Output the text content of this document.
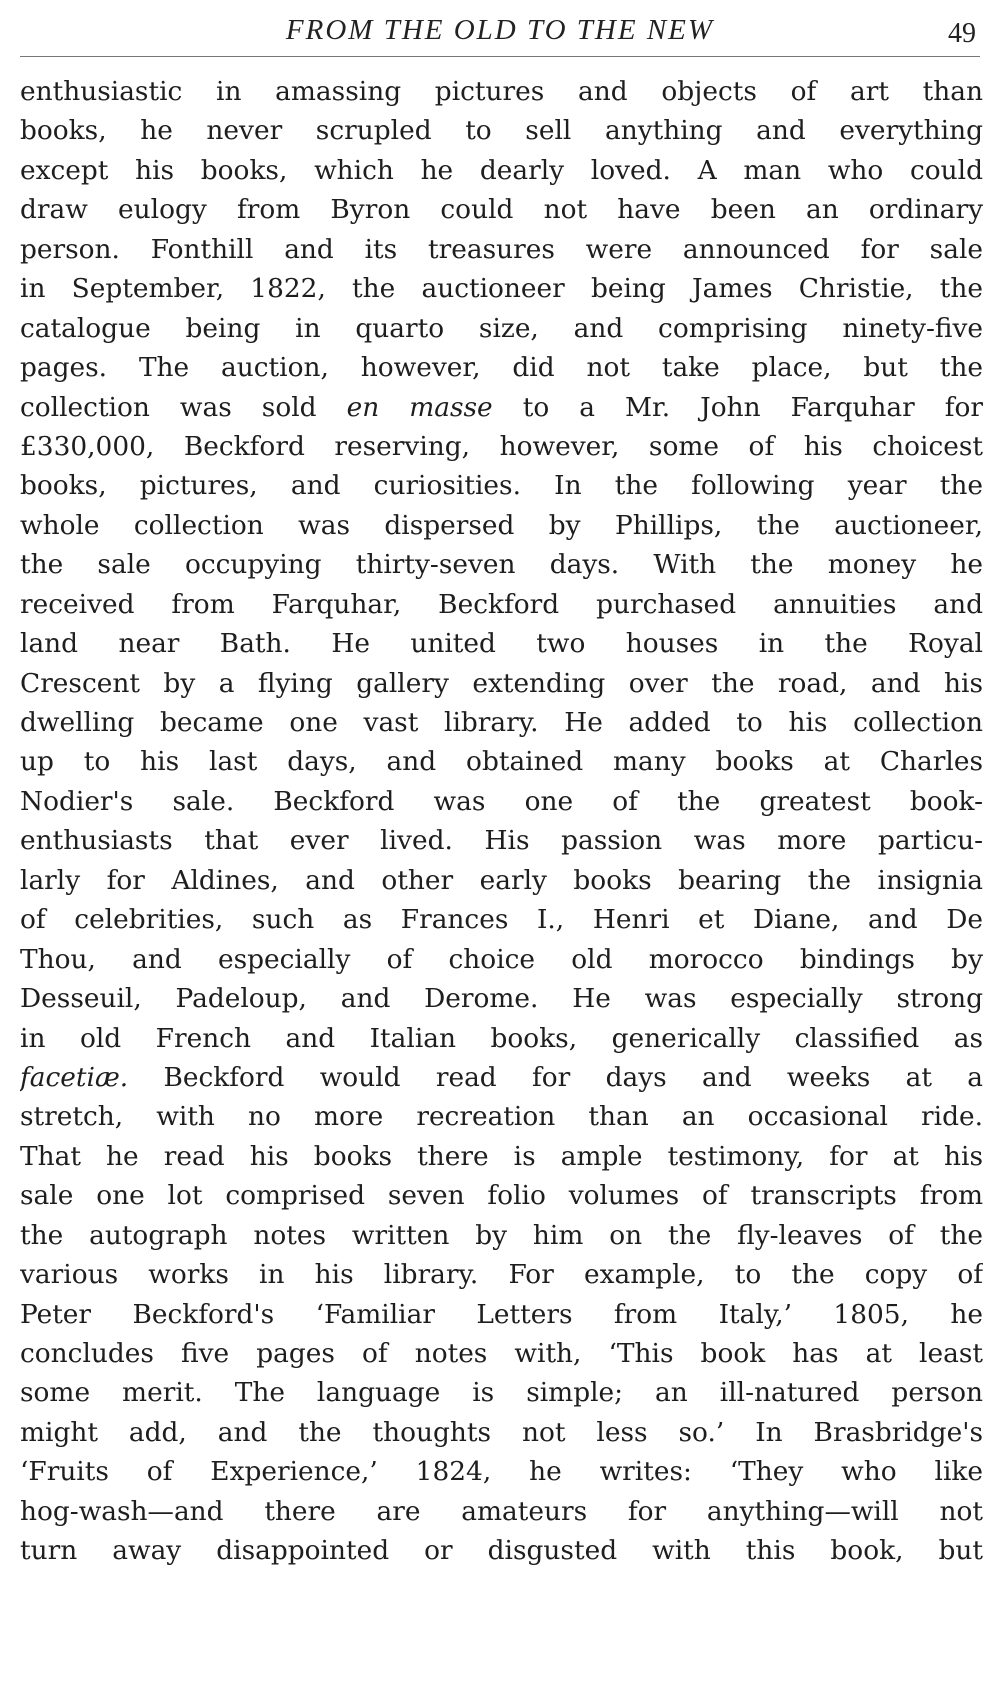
FROM THE OLD TO THE NEW	49
enthusiastic in amassing pictures and objects of art than
books, he never scrupled to sell anything and everything
except his books, which he dearly loved. A man who could
draw eulogy from Byron could not have been an ordinary
person. Fonthill and its treasures were announced for sale
in September, 1822, the auctioneer being James Christie, the
catalogue being in quarto size, and comprising ninety-five
pages. The auction, however, did not take place, but the
collection was sold en masse to a Mr. John Farquhar for
£330,000, Beckford reserving, however, some of his choicest
books, pictures, and curiosities. In the following year the
whole collection was dispersed by Phillips, the auctioneer,
the sale occupying thirty-seven days. With the money he
received from Farquhar, Beckford purchased annuities and
land near Bath. He united two houses in the Royal
Crescent by a flying gallery extending over the road, and his
dwelling became one vast library. He added to his collection
up to his last days, and obtained many books at Charles
Nodier's sale. Beckford was one of the greatest book-
enthusiasts that ever lived. His passion was more particu-
larly for Aldines, and other early books bearing the insignia
of celebrities, such as Frances I., Henri et Diane, and De
Thou, and especially of choice old morocco bindings by
Desseuil, Padeloup, and Derome. He was especially strong
in old French and Italian books, generically classified as
facetiæ. Beckford would read for days and weeks at a
stretch, with no more recreation than an occasional ride.
That he read his books there is ample testimony, for at his
sale one lot comprised seven folio volumes of transcripts from
the autograph notes written by him on the fly-leaves of the
various works in his library. For example, to the copy of
Peter Beckford's ‘Familiar Letters from Italy,’ 1805, he
concludes five pages of notes with, ‘This book has at least
some merit. The language is simple; an ill-natured person
might add, and the thoughts not less so.’ In Brasbridge's
‘Fruits of Experience,’ 1824, he writes: ‘They who like
hog-wash—and there are amateurs for anything—will not
turn away disappointed or disgusted with this book, but
